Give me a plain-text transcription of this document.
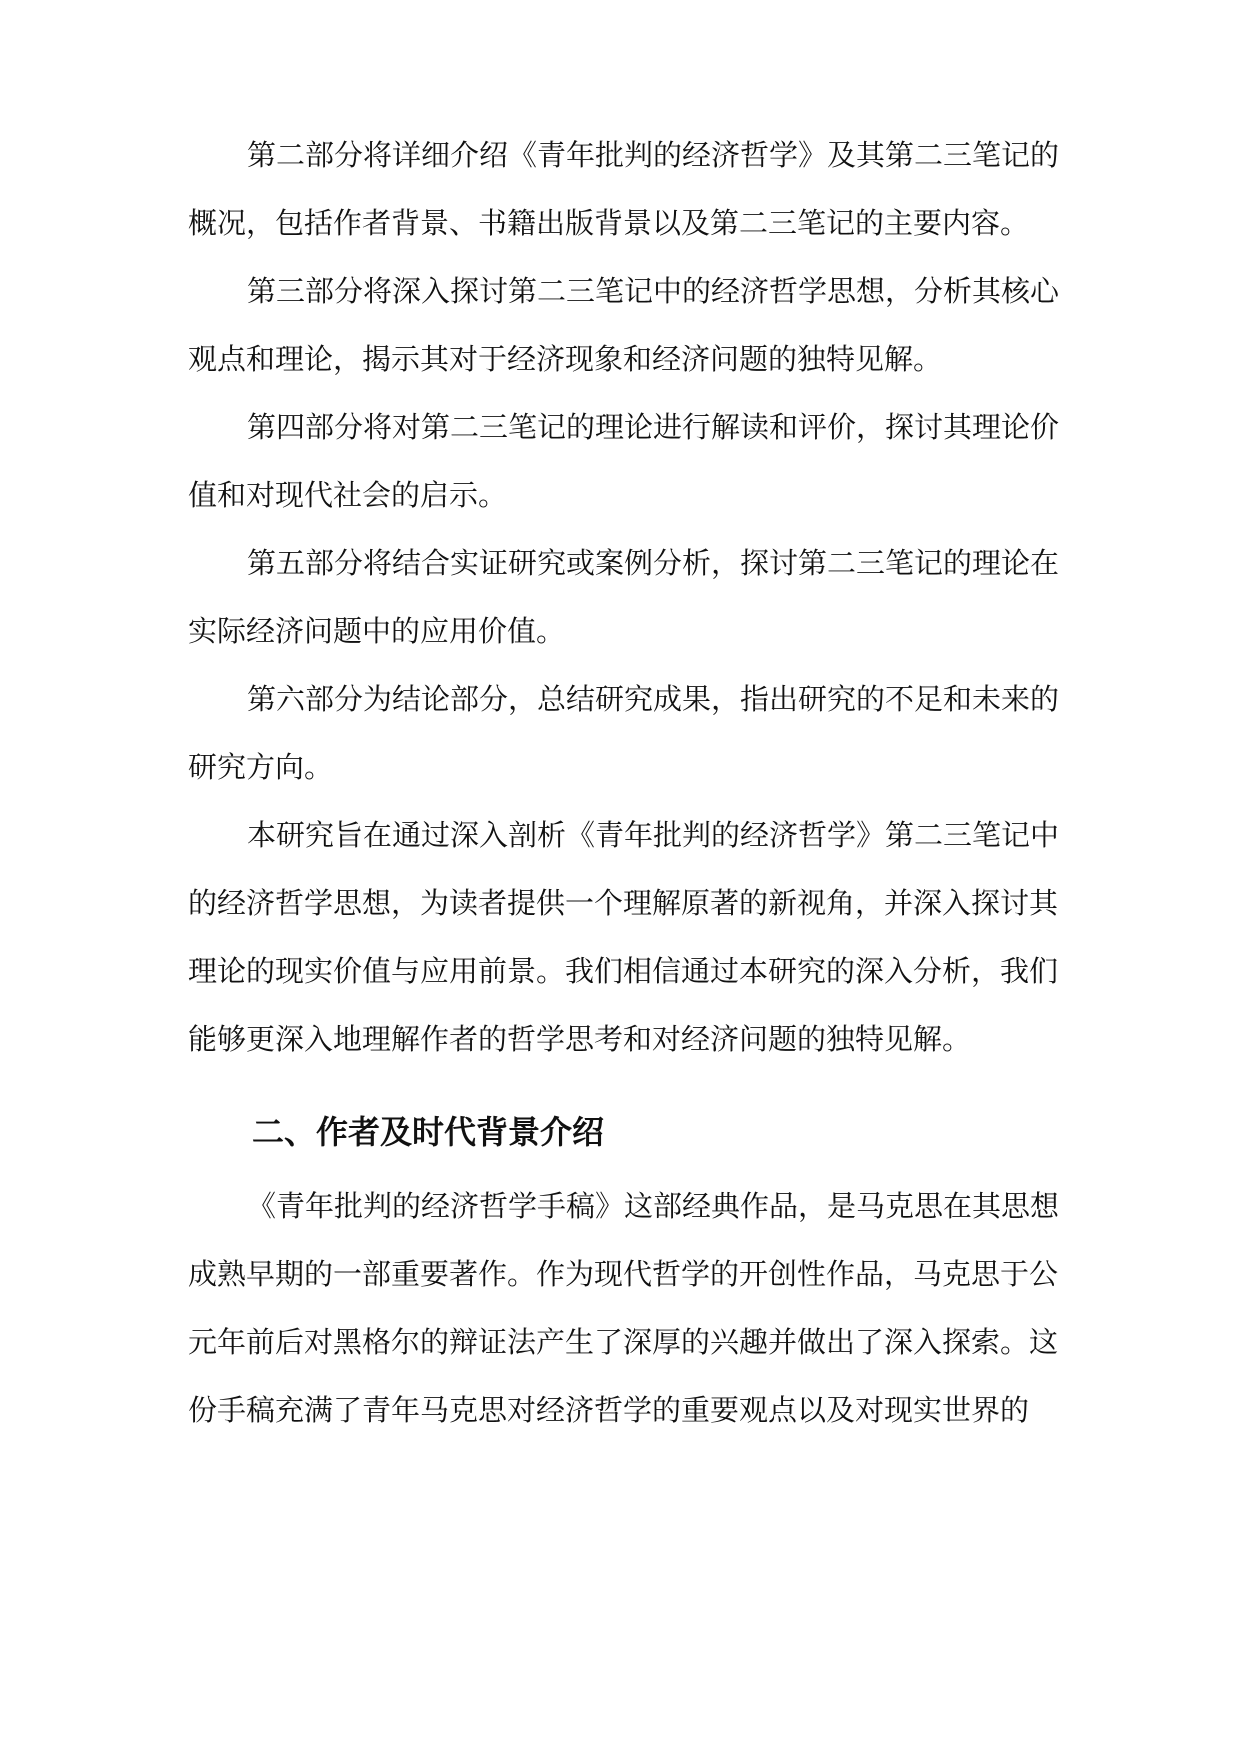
第二部分将详细介绍《青年批判的经济哲学》及其第二三笔记的
概况，包括作者背景、书籍出版背景以及第二三笔记的主要内容。
第三部分将深入探讨第二三笔记中的经济哲学思想，分析其核心
观点和理论，揭示其对于经济现象和经济问题的独特见解。
第四部分将对第二三笔记的理论进行解读和评价，探讨其理论价
值和对现代社会的启示。
第五部分将结合实证研究或案例分析，探讨第二三笔记的理论在
实际经济问题中的应用价值。
第六部分为结论部分，总结研究成果，指出研究的不足和未来的
研究方向。
本研究旨在通过深入剖析《青年批判的经济哲学》第二三笔记中
的经济哲学思想，为读者提供一个理解原著的新视角，并深入探讨其
理论的现实价值与应用前景。我们相信通过本研究的深入分析，我们
能够更深入地理解作者的哲学思考和对经济问题的独特见解。
二、作者及时代背景介绍
《青年批判的经济哲学手稿》这部经典作品，是马克思在其思想
成熟早期的一部重要著作。作为现代哲学的开创性作品，马克思于公
元年前后对黑格尔的辩证法产生了深厚的兴趣并做出了深入探索。这
份手稿充满了青年马克思对经济哲学的重要观点以及对现实世界的
